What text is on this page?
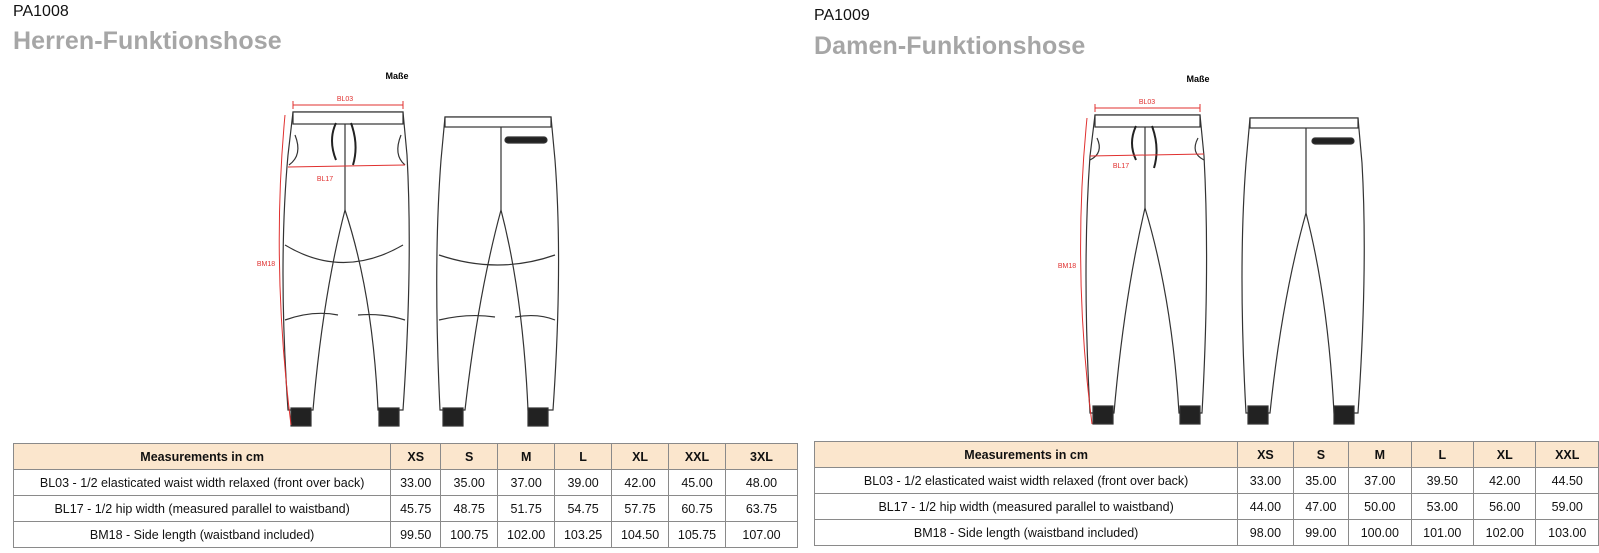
PA1008
Herren-Funktionshose
Maße
BL03
BL17
BM18
Measurements in cm	XS	S	M	L	XL	XXL	3XL
BL03 - 1/2 elasticated waist width relaxed (front over back)	33.00	35.00	37.00	39.00	42.00	45.00	48.00
BL17 - 1/2 hip width (measured parallel to waistband)	45.75	48.75	51.75	54.75	57.75	60.75	63.75
BM18 - Side length (waistband included)	99.50	100.75	102.00	103.25	104.50	105.75	107.00
PA1009
Damen-Funktionshose
Maße
BL03
BL17
BM18
Measurements in cm	XS	S	M	L	XL	XXL
BL03 - 1/2 elasticated waist width relaxed (front over back)	33.00	35.00	37.00	39.50	42.00	44.50
BL17 - 1/2 hip width (measured parallel to waistband)	44.00	47.00	50.00	53.00	56.00	59.00
BM18 - Side length (waistband included)	98.00	99.00	100.00	101.00	102.00	103.00
